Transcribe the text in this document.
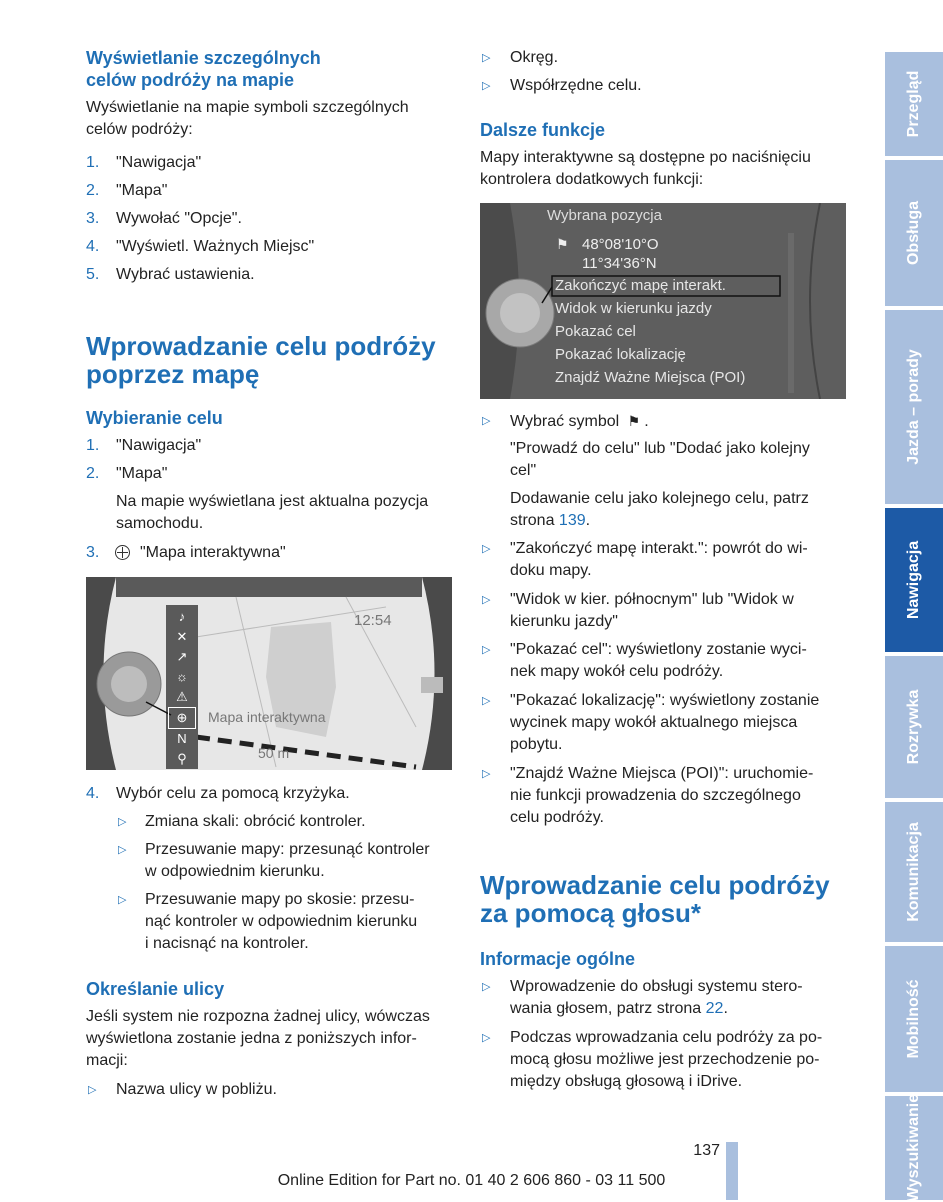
Wyświetlanie szczególnych
celów podróży na mapie
Wyświetlanie na mapie symboli szczególnych
celów podróży:
1. "Nawigacja"
2. "Mapa"
3. Wywołać "Opcje".
4. "Wyświetl. Ważnych Miejsc"
5. Wybrać ustawienia.
Wprowadzanie celu podróży
poprzez mapę
Wybieranie celu
1. "Nawigacja"
2. "Mapa"
Na mapie wyświetlana jest aktualna pozycja
samochodu.
3.	"Mapa interaktywna"
♪
✕
↗
☼
⚠
⊕
N
⚲
12:54
Mapa interaktywna
50 m
4. Wybór celu za pomocą krzyżyka.
▷ Zmiana skali: obrócić kontroler.
▷ Przesuwanie mapy: przesunąć kontroler
w odpowiednim kierunku.
▷ Przesuwanie mapy po skosie: przesu-
nąć kontroler w odpowiednim kierunku
i nacisnąć na kontroler.
Określanie ulicy
Jeśli system nie rozpozna żadnej ulicy, wówczas
wyświetlona zostanie jedna z poniższych infor-
macji:
▷ Nazwa ulicy w pobliżu.
▷ Okręg.
▷ Współrzędne celu.
Dalsze funkcje
Mapy interaktywne są dostępne po naciśnięciu
kontrolera dodatkowych funkcji:
Wybrana pozycja
⚑ 48°08'10°O
11°34'36°N
Zakończyć mapę interakt.
Widok w kierunku jazdy
Pokazać cel
Pokazać lokalizację
Znajdź Ważne Miejsca (POI)
▷ Wybrać symbol ⚑ .
"Prowadź do celu" lub "Dodać jako kolejny
cel"
Dodawanie celu jako kolejnego celu, patrz
strona 139.
▷ "Zakończyć mapę interakt.": powrót do wi-
doku mapy.
▷ "Widok w kier. północnym" lub "Widok w
kierunku jazdy"
▷ "Pokazać cel": wyświetlony zostanie wyci-
nek mapy wokół celu podróży.
▷ "Pokazać lokalizację": wyświetlony zostanie
wycinek mapy wokół aktualnego miejsca
pobytu.
▷ "Znajdź Ważne Miejsca (POI)": uruchomie-
nie funkcji prowadzenia do szczególnego
celu podróży.
Wprowadzanie celu podróży
za pomocą głosu*
Informacje ogólne
▷ Wprowadzenie do obsługi systemu stero-
wania głosem, patrz strona 22.
▷ Podczas wprowadzania celu podróży za po-
mocą głosu możliwe jest przechodzenie po-
między obsługą głosową i iDrive.
Przegląd
Obsługa
Jazda – porady
Nawigacja
Rozrywka
Komunikacja
Mobilność
Wyszukiwanie
137
Online Edition for Part no. 01 40 2 606 860 - 03 11 500
